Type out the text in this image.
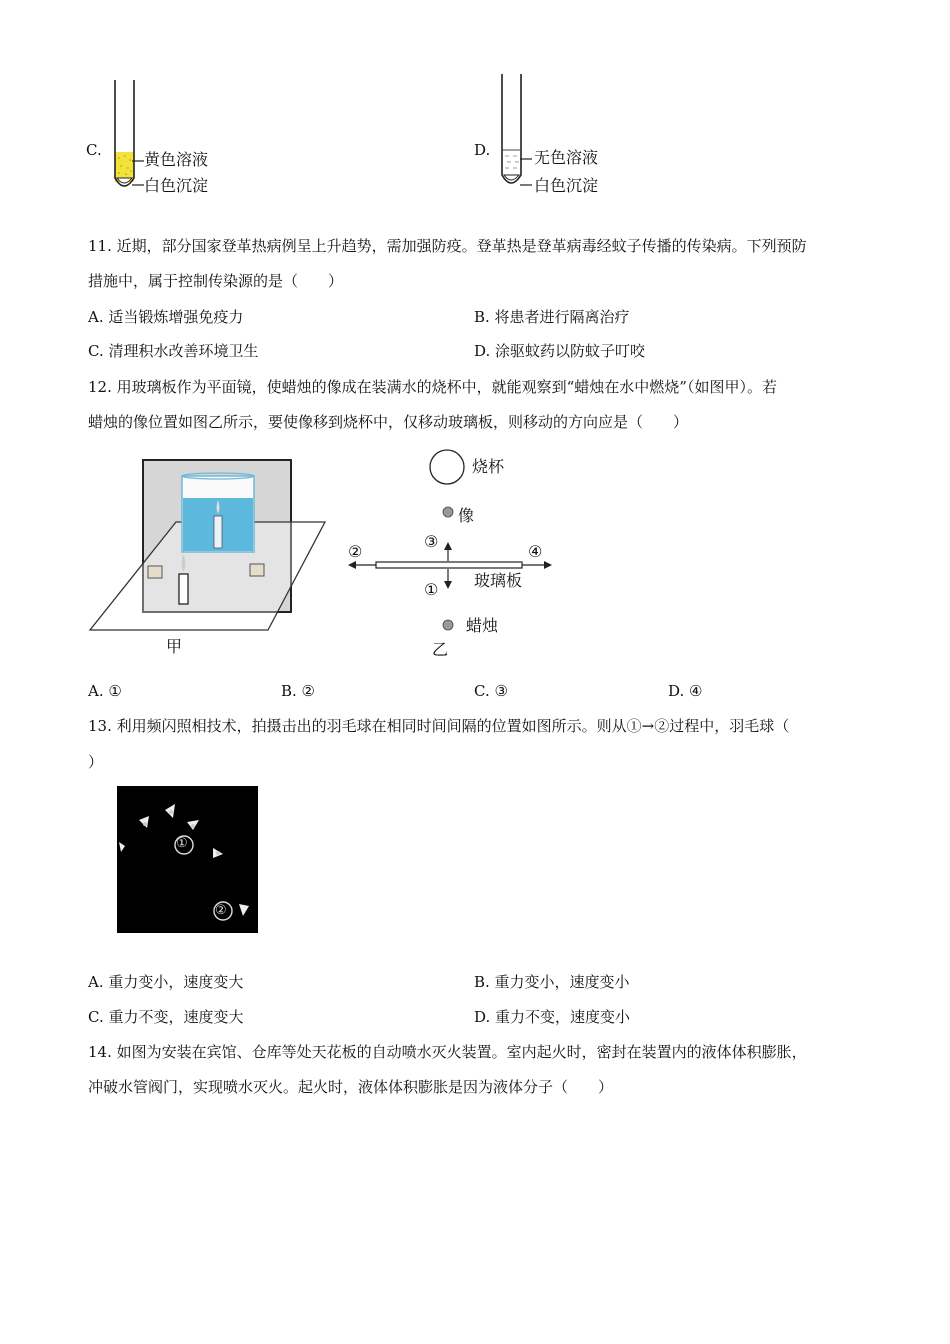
C.	黄色溶液
白色沉淀
D.	无色溶液
白色沉淀
11. 近期，部分国家登革热病例呈上升趋势，需加强防疫。登革热是登革病毒经蚊子传播的传染病。下列预防
措施中，属于控制传染源的是（　　）
A. 适当锻炼增强免疫力	B. 将患者进行隔离治疗
C. 清理积水改善环境卫生	D. 涂驱蚊药以防蚊子叮咬
12. 用玻璃板作为平面镜，使蜡烛的像成在装满水的烧杯中，就能观察到“蜡烛在水中燃烧”（如图甲）。若
蜡烛的像位置如图乙所示，要使像移到烧杯中，仅移动玻璃板，则移动的方向应是（　　）
甲
烧杯
像
②
③
④
玻璃板
①
蜡烛
乙
A. ①	B. ②	C. ③	D. ④
13. 利用频闪照相技术，拍摄击出的羽毛球在相同时间间隔的位置如图所示。则从①→②过程中，羽毛球（
）
①
②
A. 重力变小，速度变大	B. 重力变小，速度变小
C. 重力不变，速度变大	D. 重力不变，速度变小
14. 如图为安装在宾馆、仓库等处天花板的自动喷水灭火装置。室内起火时，密封在装置内的液体体积膨胀，
冲破水管阀门，实现喷水灭火。起火时，液体体积膨胀是因为液体分子（　　）
